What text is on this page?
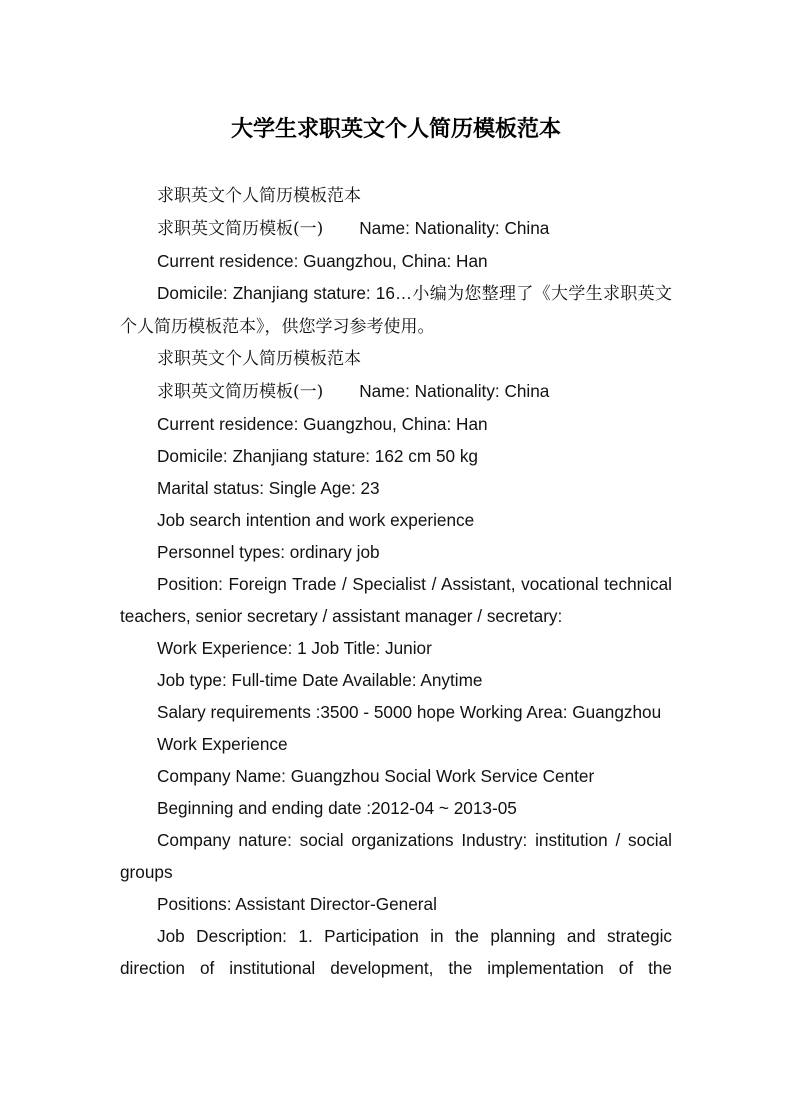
大学生求职英文个人简历模板范本

求职英文个人简历模板范本

求职英文简历模板(一) Name: Nationality: China

Current residence: Guangzhou, China: Han

Domicile: Zhanjiang stature: 16…小编为您整理了《大学生求职英文个人简历模板范本》，供您学习参考使用。

求职英文个人简历模板范本

求职英文简历模板(一) Name: Nationality: China

Current residence: Guangzhou, China: Han

Domicile: Zhanjiang stature: 162 cm 50 kg

Marital status: Single Age: 23

Job search intention and work experience

Personnel types: ordinary job

Position: Foreign Trade / Specialist / Assistant, vocational technical teachers, senior secretary / assistant manager / secretary:

Work Experience: 1 Job Title: Junior

Job type: Full-time Date Available: Anytime

Salary requirements :3500 - 5000 hope Working Area: Guangzhou

Work Experience

Company Name: Guangzhou Social Work Service Center

Beginning and ending date :2012-04 ~ 2013-05

Company nature: social organizations Industry: institution / social groups

Positions: Assistant Director-General

Job Description: 1. Participation in the planning and strategic direction of institutional development, the implementation of the
